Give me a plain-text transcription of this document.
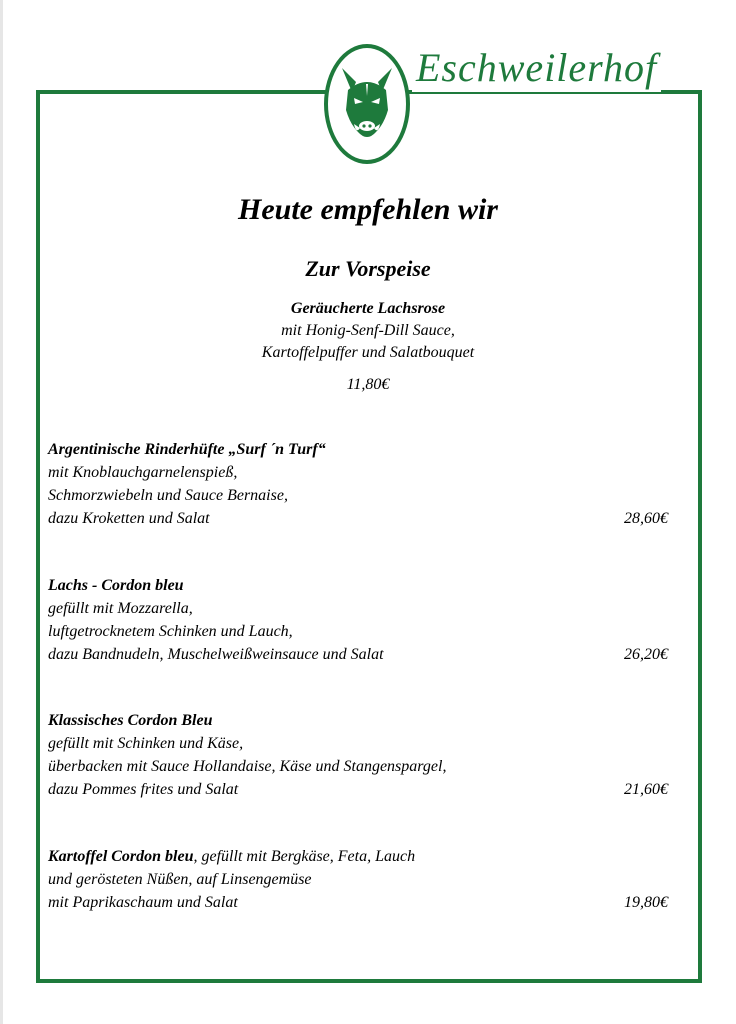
Eschweilerhof
Heute empfehlen wir
Zur Vorspeise
Geräucherte Lachsrose
mit Honig-Senf-Dill Sauce,
Kartoffelpuffer und Salatbouquet
11,80€
Argentinische Rinderhüfte „Surf ´n Turf“
mit Knoblauchgarnelenspieß,
Schmorzwiebeln und Sauce Bernaise,
dazu Kroketten und Salat	28,60€
Lachs - Cordon bleu
gefüllt mit Mozzarella,
luftgetrocknetem Schinken und Lauch,
dazu Bandnudeln, Muschelweißweinsauce und Salat	26,20€
Klassisches Cordon Bleu
gefüllt mit Schinken und Käse,
überbacken mit Sauce Hollandaise, Käse und Stangenspargel,
dazu Pommes frites und Salat	21,60€
Kartoffel Cordon bleu, gefüllt mit Bergkäse, Feta, Lauch
und gerösteten Nüßen, auf Linsengemüse
mit Paprikaschaum und Salat	19,80€
